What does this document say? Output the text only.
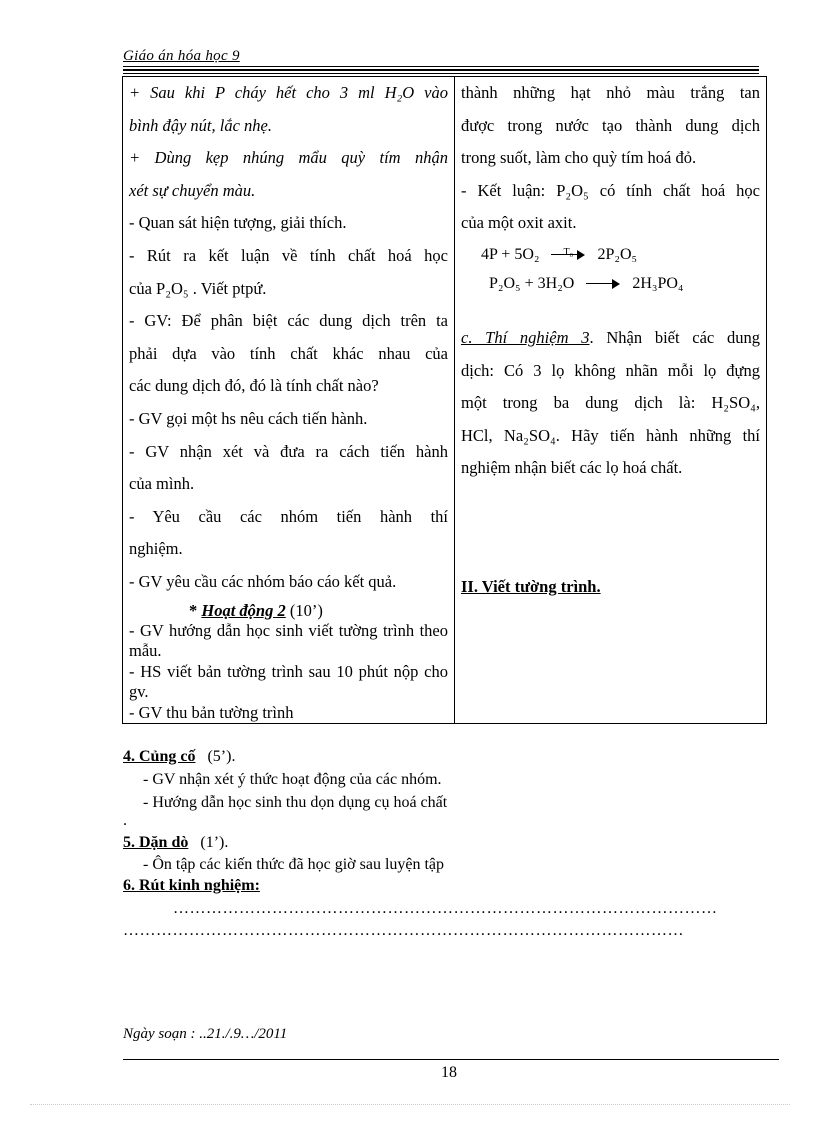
Giáo án hóa học 9
+ Sau khi P cháy hết cho 3 ml H₂O vào
bình đậy nút, lắc nhẹ.
+ Dùng kẹp nhúng mẩu quỳ tím nhận
xét sự chuyển màu.
- Quan sát hiện tượng, giải thích.
- Rút ra kết luận về tính chất hoá học
của P₂O₅ . Viết ptpứ.
- GV: Để phân biệt các dung dịch trên ta
phải dựa vào tính chất khác nhau của
các dung dịch đó, đó là tính chất nào?
- GV gọi một hs nêu cách tiến hành.
- GV nhận xét và đưa ra cách tiến hành
của mình.
- Yêu cầu các nhóm tiến hành thí
nghiệm.
- GV yêu cầu các nhóm báo cáo kết quả.
* Hoạt động 2 (10’)
- GV hướng dẫn học sinh viết tường trình theo mẫu.
- HS viết bản tường trình sau 10 phút nộp cho gv.
- GV thu bản tường trình

thành những hạt nhỏ màu trắng tan
được trong nước tạo thành dung dịch
trong suốt, làm cho quỳ tím hoá đỏ.
- Kết luận: P₂O₅ có tính chất hoá học
của một oxit axit.
4P + 5O₂ T₀ 2P₂O₅
P₂O₅ + 3H₂O	2H₃PO₄
c. Thí nghiệm 3. Nhận biết các dung
dịch: Có 3 lọ không nhãn mỗi lọ đựng
một trong ba dung dịch là: H₂SO₄,
HCl, Na₂SO₄. Hãy tiến hành những thí
nghiệm nhận biết các lọ hoá chất.
II. Viết tường trình.
4. Củng cố (5’).
- GV nhận xét ý thức hoạt động của các nhóm.
- Hướng dẫn học sinh thu dọn dụng cụ hoá chất
.
5. Dặn dò (1’).
- Ôn tập các kiến thức đã học giờ sau luyện tập
6. Rút kinh nghiệm:
………………………………………………………………………………………
…………………………………………………………………………………………
Ngày soạn : ..21./.9…/2011
18
